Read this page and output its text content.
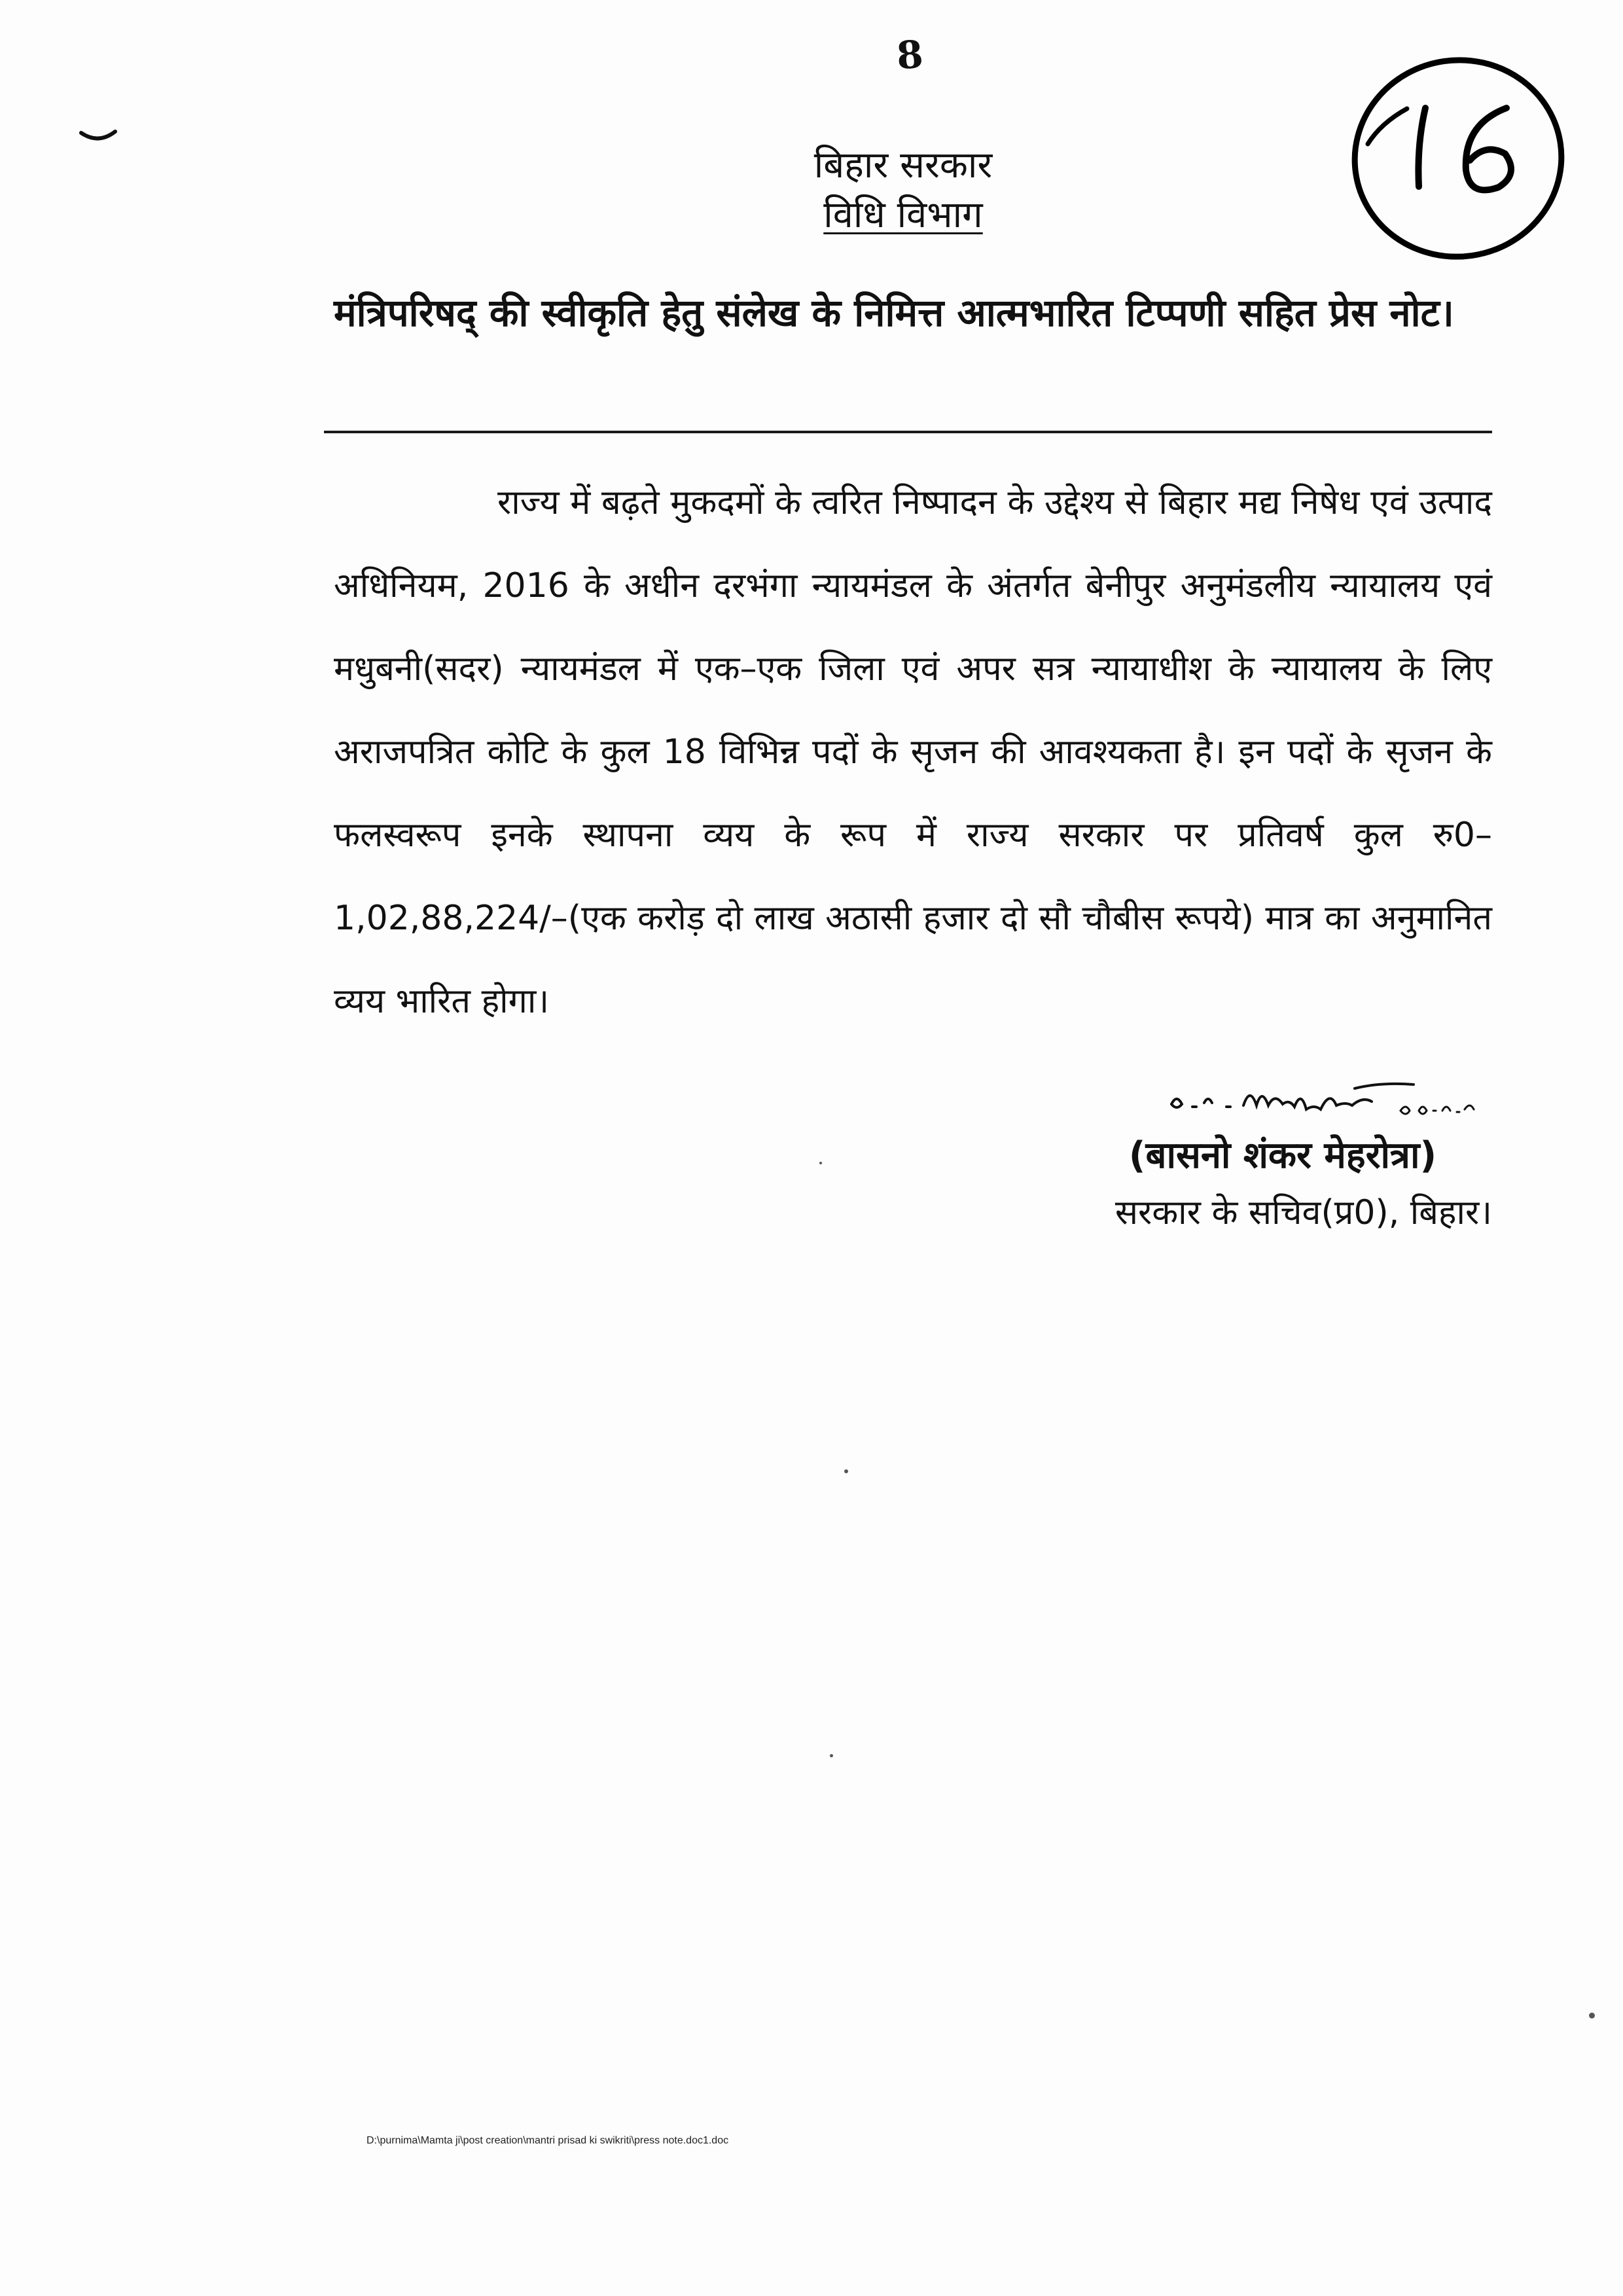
8
बिहार सरकार
विधि विभाग
मंत्रिपरिषद् की स्वीकृति हेतु संलेख के निमित्त आत्मभारित टिप्पणी सहित प्रेस नोट।
राज्य में बढ़ते मुकदमों के त्वरित निष्पादन के उद्देश्य से बिहार मद्य निषेध एवं उत्पाद अधिनियम, 2016 के अधीन दरभंगा न्यायमंडल के अंतर्गत बेनीपुर अनुमंडलीय न्यायालय एवं मधुबनी(सदर) न्यायमंडल में एक–एक जिला एवं अपर सत्र न्यायाधीश के न्यायालय के लिए अराजपत्रित कोटि के कुल 18 विभिन्न पदों के सृजन की आवश्यकता है। इन पदों के सृजन के फलस्वरूप इनके स्थापना व्यय के रूप में राज्य सरकार पर प्रतिवर्ष कुल रु0– 1,02,88,224/–(एक करोड़ दो लाख अठासी हजार दो सौ चौबीस रूपये) मात्र का अनुमानित व्यय भारित होगा।
(बासनो शंकर मेहरोत्रा)
सरकार के सचिव(प्र0), बिहार।
D:\purnima\Mamta ji\post creation\mantri prisad ki swikriti\press note.doc1.doc
